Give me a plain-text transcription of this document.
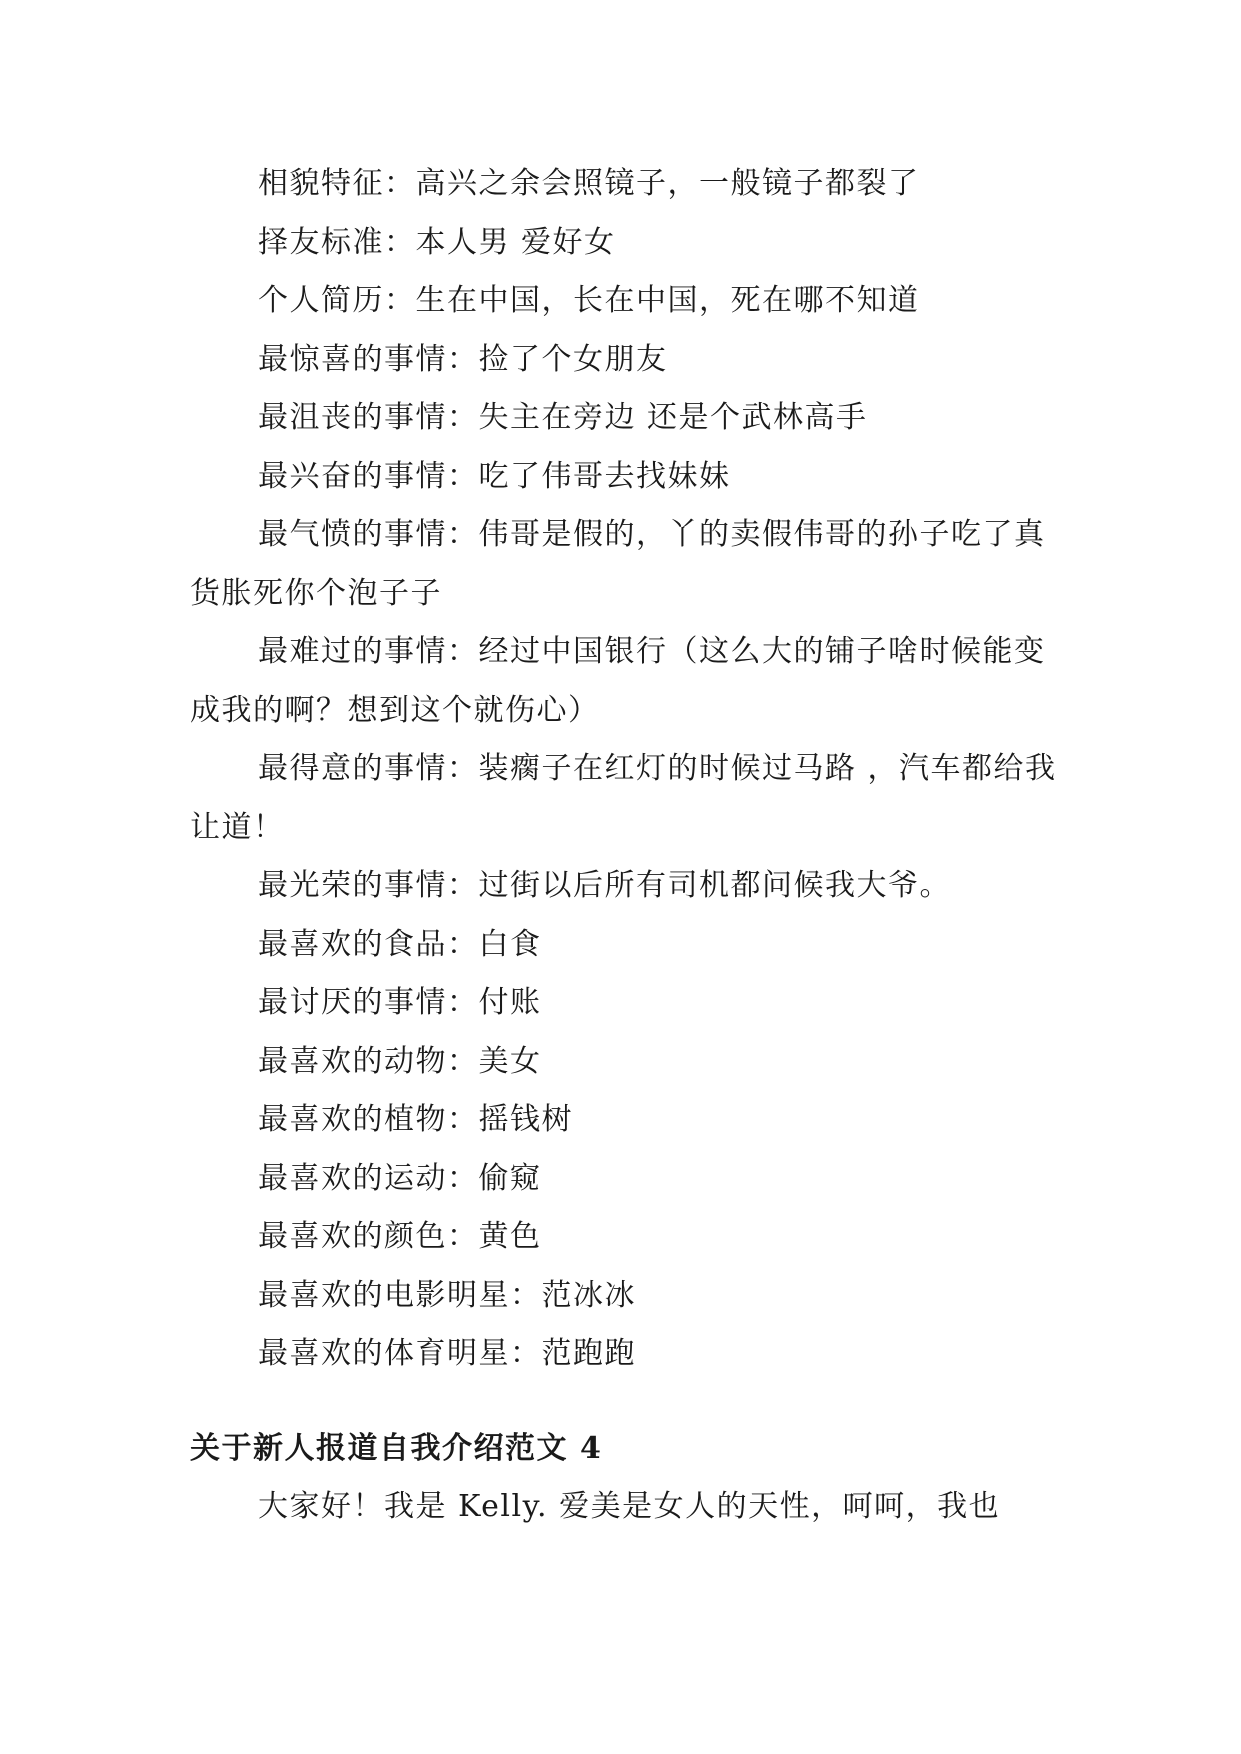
相貌特征：高兴之余会照镜子，一般镜子都裂了

择友标准：本人男 爱好女

个人简历：生在中国，长在中国，死在哪不知道

最惊喜的事情：捡了个女朋友

最沮丧的事情：失主在旁边 还是个武林高手

最兴奋的事情：吃了伟哥去找妹妹

最气愤的事情：伟哥是假的，丫的卖假伟哥的孙子吃了真货胀死你个泡子子

最难过的事情：经过中国银行（这么大的铺子啥时候能变成我的啊？想到这个就伤心）

最得意的事情：装瘸子在红灯的时候过马路 ，汽车都给我让道！

最光荣的事情：过街以后所有司机都问候我大爷。

最喜欢的食品：白食

最讨厌的事情：付账

最喜欢的动物：美女

最喜欢的植物：摇钱树

最喜欢的运动：偷窥

最喜欢的颜色：黄色

最喜欢的电影明星：范冰冰

最喜欢的体育明星：范跑跑

关于新人报道自我介绍范文 4

大家好！我是 Kelly. 爱美是女人的天性，呵呵，我也
